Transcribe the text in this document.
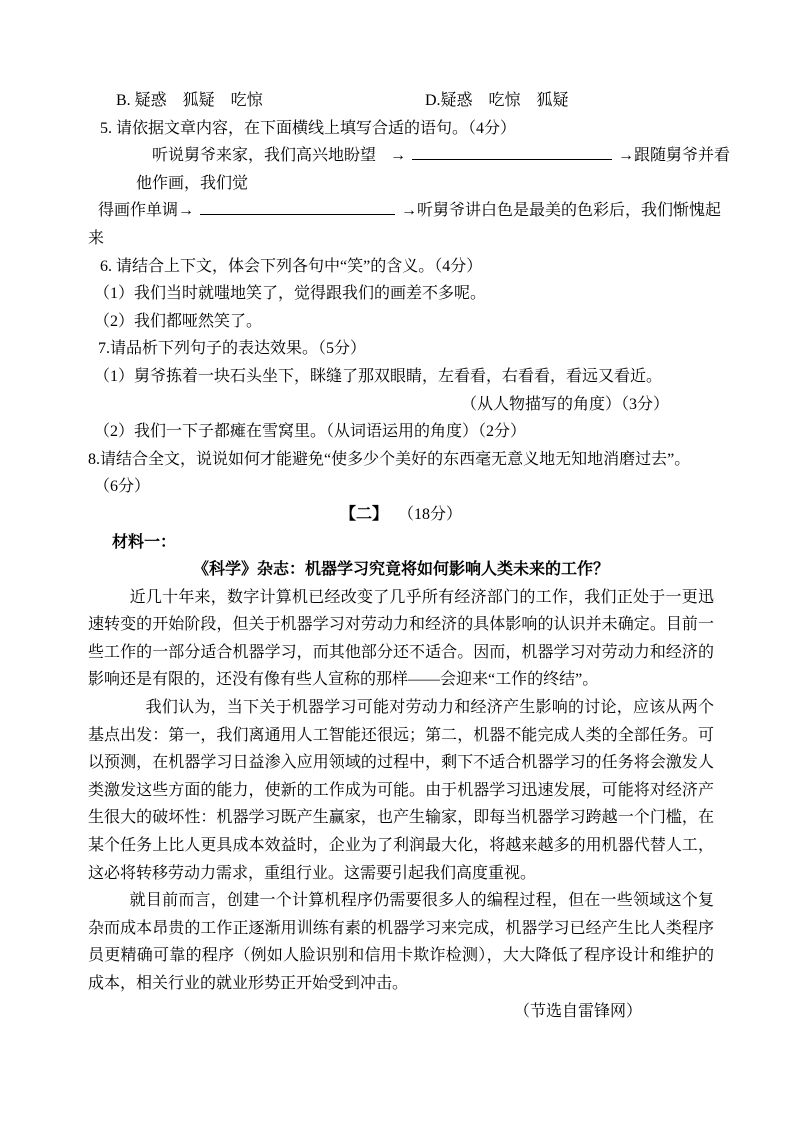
B. 疑惑　狐疑　吃惊	D.疑惑　吃惊　狐疑
5. 请依据文章内容，在下面横线上填写合适的语句。（4分）
听说舅爷来家，我们高兴地盼望 →	→跟随舅爷并看
他作画，我们觉
得画作单调→	→听舅爷讲白色是最美的色彩后，我们惭愧起
来
6. 请结合上下文，体会下列各句中“笑”的含义。（4分）
（1）我们当时就嗤地笑了，觉得跟我们的画差不多呢。
（2）我们都哑然笑了。
7.请品析下列句子的表达效果。（5分）
（1）舅爷拣着一块石头坐下，眯缝了那双眼睛，左看看，右看看，看远又看近。
（从人物描写的角度）（3分）
（2）我们一下子都瘫在雪窝里。（从词语运用的角度）（2分）
8.请结合全文，说说如何才能避免“使多少个美好的东西毫无意义地无知地消磨过去”。
（6分）
【二】 （18分）
材料一：
《科学》杂志：机器学习究竟将如何影响人类未来的工作？

近几十年来，数字计算机已经改变了几乎所有经济部门的工作，我们正处于一更迅速转变的开始阶段，但关于机器学习对劳动力和经济的具体影响的认识并未确定。目前一些工作的一部分适合机器学习，而其他部分还不适合。因而，机器学习对劳动力和经济的影响还是有限的，还没有像有些人宣称的那样——会迎来“工作的终结”。

我们认为，当下关于机器学习可能对劳动力和经济产生影响的讨论，应该从两个基点出发：第一，我们离通用人工智能还很远；第二，机器不能完成人类的全部任务。可以预测，在机器学习日益渗入应用领域的过程中，剩下不适合机器学习的任务将会激发人类激发这些方面的能力，使新的工作成为可能。由于机器学习迅速发展，可能将对经济产生很大的破坏性：机器学习既产生赢家，也产生输家，即每当机器学习跨越一个门槛，在某个任务上比人更具成本效益时，企业为了利润最大化，将越来越多的用机器代替人工，这必将转移劳动力需求，重组行业。这需要引起我们高度重视。

就目前而言，创建一个计算机程序仍需要很多人的编程过程，但在一些领域这个复杂而成本昂贵的工作正逐渐用训练有素的机器学习来完成，机器学习已经产生比人类程序员更精确可靠的程序（例如人脸识别和信用卡欺诈检测），大大降低了程序设计和维护的成本，相关行业的就业形势正开始受到冲击。

（节选自雷锋网）
